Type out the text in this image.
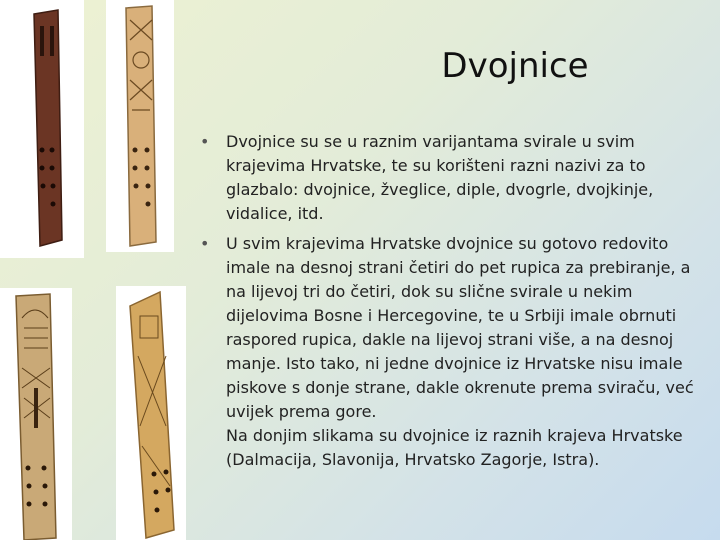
Dvojnice
• Dvojnice su se u raznim varijantama svirale u svim krajevima Hrvatske, te su korišteni razni nazivi za to glazbalo: dvojnice, žveglice, diple, dvogrle, dvojkinje, vidalice, itd.
• U svim krajevima Hrvatske dvojnice su gotovo redovito imale na desnoj strani četiri do pet rupica za prebiranje, a na lijevoj tri do četiri, dok su slične svirale u nekim dijelovima Bosne i Hercegovine, te u Srbiji imale obrnuti raspored rupica, dakle na lijevoj strani više, a na desnoj manje. Isto tako, ni jedne dvojnice iz Hrvatske nisu imale piskove s donje strane, dakle okrenute prema sviraču, već uvijek prema gore.
Na donjim slikama su dvojnice iz raznih krajeva Hrvatske (Dalmacija, Slavonija, Hrvatsko Zagorje, Istra).
